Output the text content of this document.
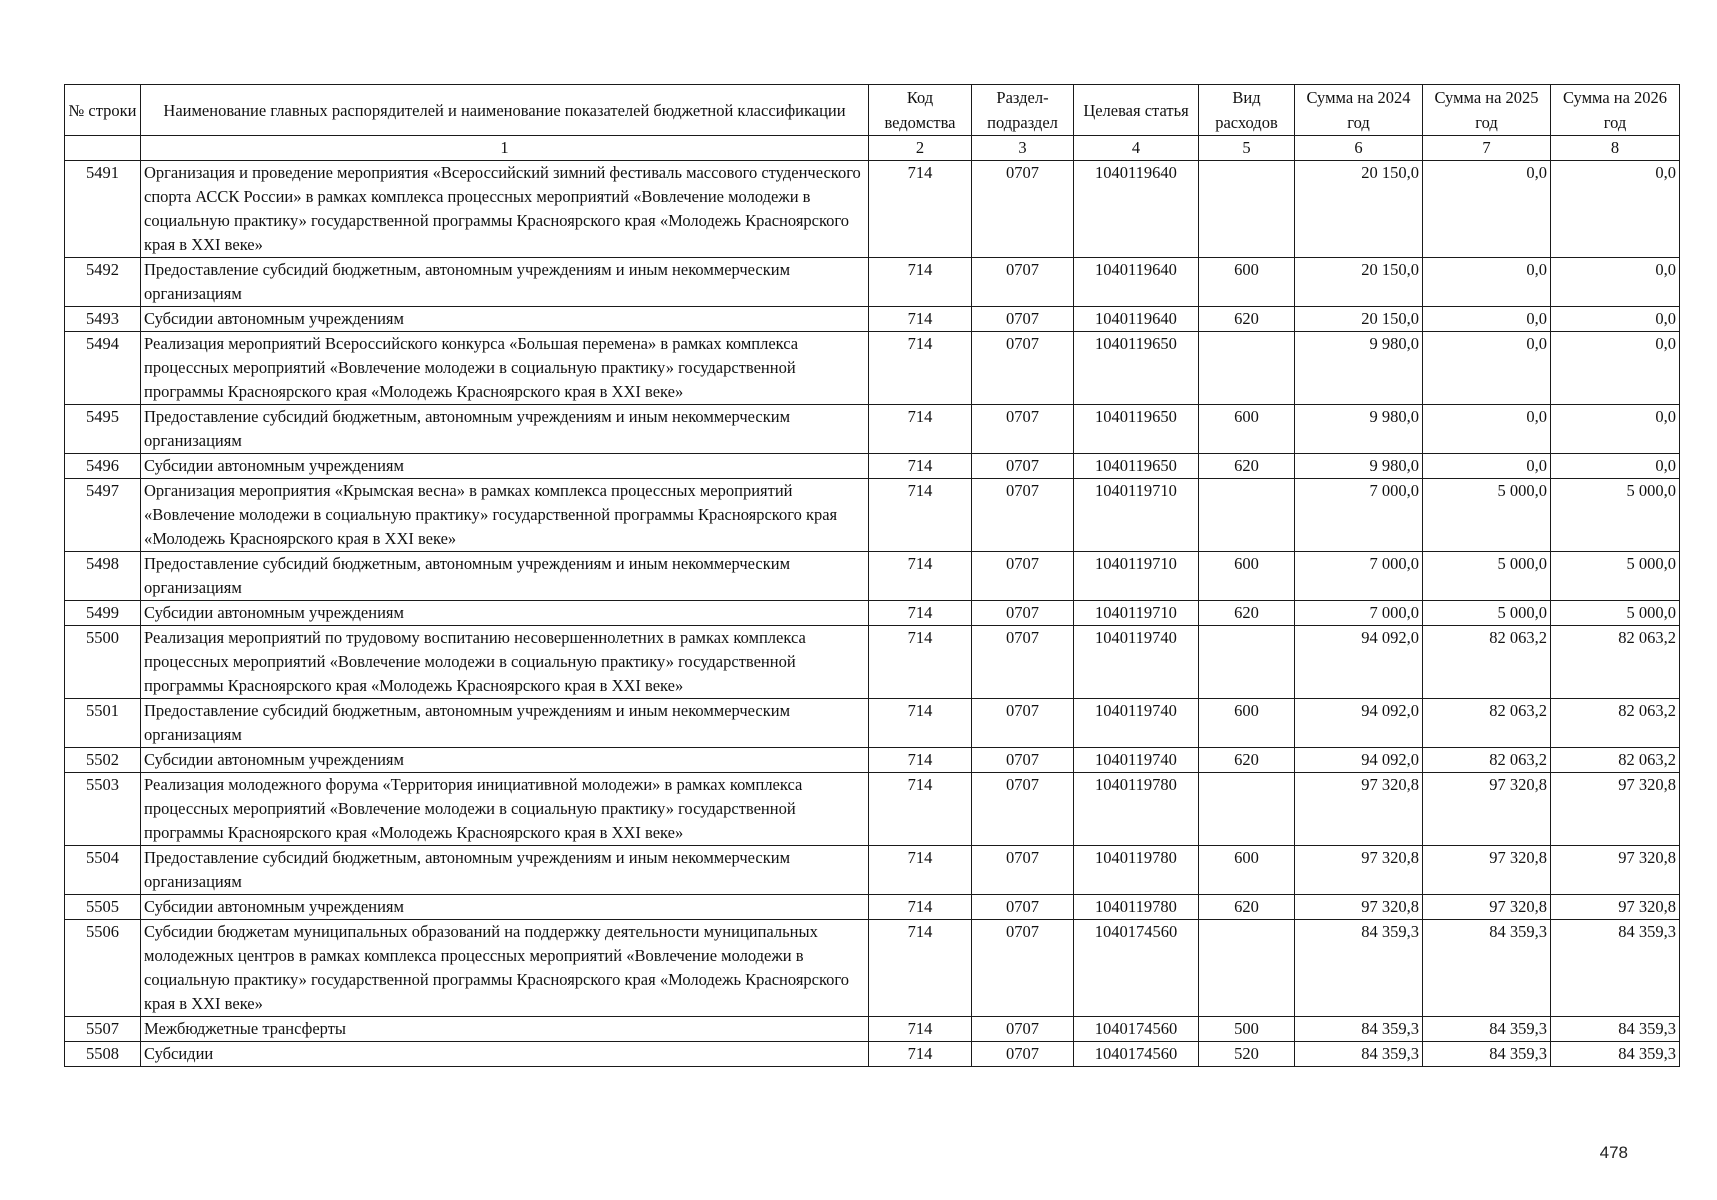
№ строки	Наименование главных распорядителей и наименование показателей бюджетной классификации	Код ведомства	Раздел-подраздел	Целевая статья	Вид расходов	Сумма на 2024 год	Сумма на 2025 год	Сумма на 2026 год
	1	2	3	4	5	6	7	8
5491	Организация и проведение мероприятия «Всероссийский зимний фестиваль массового студенческого спорта АССК России» в рамках комплекса процессных мероприятий «Вовлечение молодежи в социальную практику» государственной программы Красноярского края «Молодежь Красноярского края в XXI веке»	714	0707	1040119640		20 150,0	0,0	0,0
5492	Предоставление субсидий бюджетным, автономным учреждениям и иным некоммерческим организациям	714	0707	1040119640	600	20 150,0	0,0	0,0
5493	Субсидии автономным учреждениям	714	0707	1040119640	620	20 150,0	0,0	0,0
5494	Реализация мероприятий Всероссийского конкурса «Большая перемена» в рамках комплекса процессных мероприятий «Вовлечение молодежи в социальную практику» государственной программы Красноярского края «Молодежь Красноярского края в XXI веке»	714	0707	1040119650		9 980,0	0,0	0,0
5495	Предоставление субсидий бюджетным, автономным учреждениям и иным некоммерческим организациям	714	0707	1040119650	600	9 980,0	0,0	0,0
5496	Субсидии автономным учреждениям	714	0707	1040119650	620	9 980,0	0,0	0,0
5497	Организация мероприятия «Крымская весна» в рамках комплекса процессных мероприятий «Вовлечение молодежи в социальную практику» государственной программы Красноярского края «Молодежь Красноярского края в XXI веке»	714	0707	1040119710		7 000,0	5 000,0	5 000,0
5498	Предоставление субсидий бюджетным, автономным учреждениям и иным некоммерческим организациям	714	0707	1040119710	600	7 000,0	5 000,0	5 000,0
5499	Субсидии автономным учреждениям	714	0707	1040119710	620	7 000,0	5 000,0	5 000,0
5500	Реализация мероприятий по трудовому воспитанию несовершеннолетних в рамках комплекса процессных мероприятий «Вовлечение молодежи в социальную практику» государственной программы Красноярского края «Молодежь Красноярского края в XXI веке»	714	0707	1040119740		94 092,0	82 063,2	82 063,2
5501	Предоставление субсидий бюджетным, автономным учреждениям и иным некоммерческим организациям	714	0707	1040119740	600	94 092,0	82 063,2	82 063,2
5502	Субсидии автономным учреждениям	714	0707	1040119740	620	94 092,0	82 063,2	82 063,2
5503	Реализация молодежного форума «Территория инициативной молодежи» в рамках комплекса процессных мероприятий «Вовлечение молодежи в социальную практику» государственной программы Красноярского края «Молодежь Красноярского края в XXI веке»	714	0707	1040119780		97 320,8	97 320,8	97 320,8
5504	Предоставление субсидий бюджетным, автономным учреждениям и иным некоммерческим организациям	714	0707	1040119780	600	97 320,8	97 320,8	97 320,8
5505	Субсидии автономным учреждениям	714	0707	1040119780	620	97 320,8	97 320,8	97 320,8
5506	Субсидии бюджетам муниципальных образований на поддержку деятельности муниципальных молодежных центров в рамках комплекса процессных мероприятий «Вовлечение молодежи в социальную практику» государственной программы Красноярского края «Молодежь Красноярского края в XXI веке»	714	0707	1040174560		84 359,3	84 359,3	84 359,3
5507	Межбюджетные трансферты	714	0707	1040174560	500	84 359,3	84 359,3	84 359,3
5508	Субсидии	714	0707	1040174560	520	84 359,3	84 359,3	84 359,3
478
